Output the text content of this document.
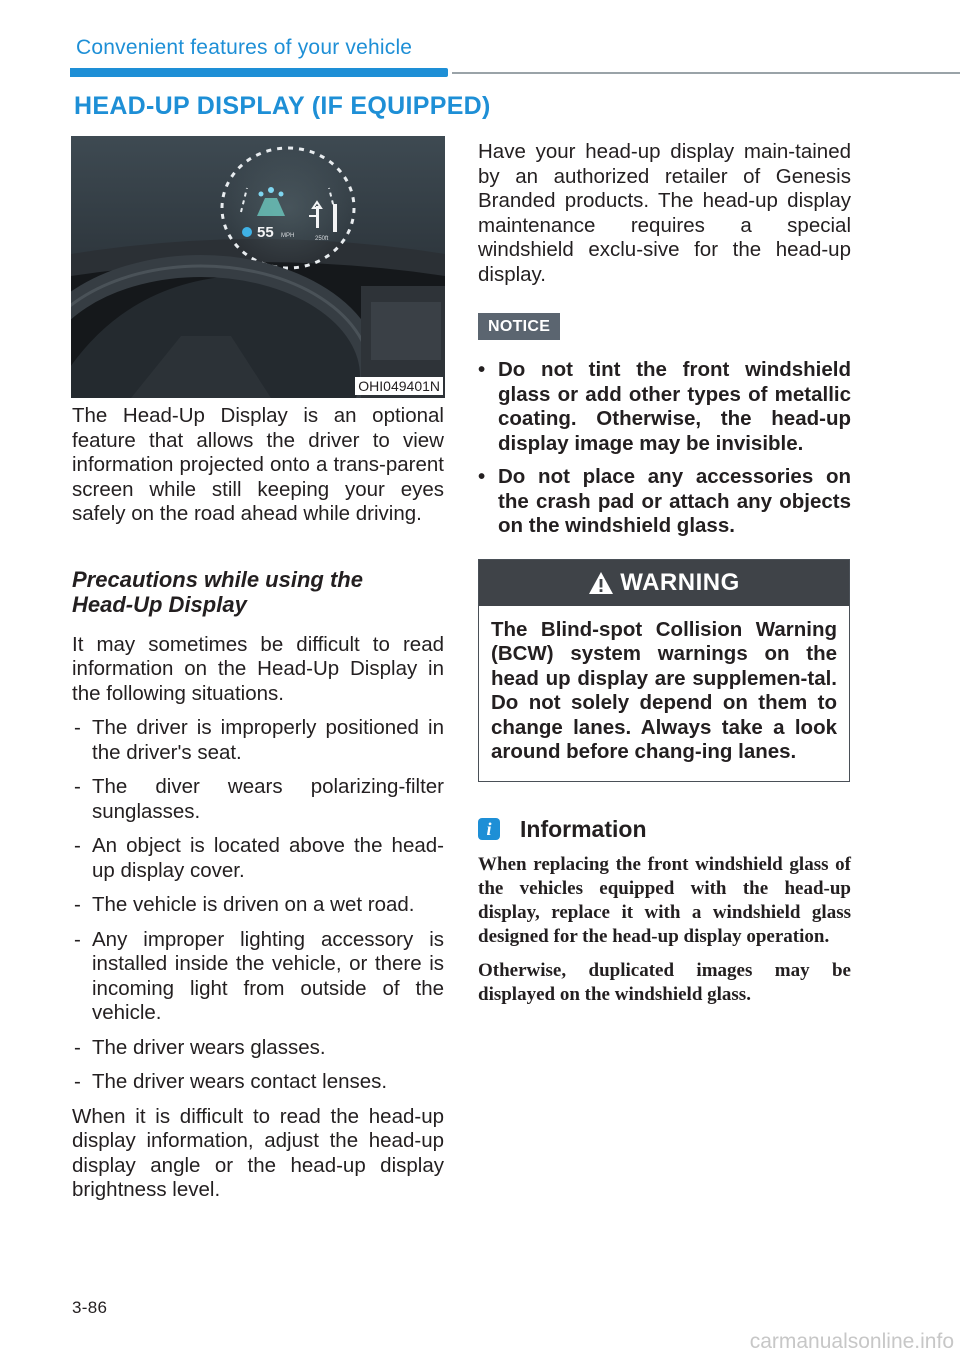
Convenient features of your vehicle
HEAD-UP DISPLAY (IF EQUIPPED)
55 MPH	250ft
OHI049401N

The Head-Up Display is an optional feature that allows the driver to view information projected onto a trans-parent screen while still keeping your eyes safely on the road ahead while driving.

Precautions while using the Head-Up Display

It may sometimes be difficult to read information on the Head-Up Display in the following situations.

- The driver is improperly positioned in the driver's seat.
- The diver wears polarizing-filter sunglasses.
- An object is located above the head-up display cover.
- The vehicle is driven on a wet road.
- Any improper lighting accessory is installed inside the vehicle, or there is incoming light from outside of the vehicle.
- The driver wears glasses.
- The driver wears contact lenses.

When it is difficult to read the head-up display information, adjust the head-up display angle or the head-up display brightness level.

Have your head-up display main-tained by an authorized retailer of Genesis Branded products. The head-up display maintenance requires a special windshield exclu-sive for the head-up display.

NOTICE
• Do not tint the front windshield glass or add other types of metallic coating. Otherwise, the head-up display image may be invisible.
• Do not place any accessories on the crash pad or attach any objects on the windshield glass.
WARNING
The Blind-spot Collision Warning (BCW) system warnings on the head up display are supplemen-tal. Do not solely depend on them to change lanes. Always take a look around before chang-ing lanes.
i	Information

When replacing the front windshield glass of the vehicles equipped with the head-up display, replace it with a windshield glass designed for the head-up display operation.

Otherwise, duplicated images may be displayed on the windshield glass.

3-86
carmanualsonline.info
